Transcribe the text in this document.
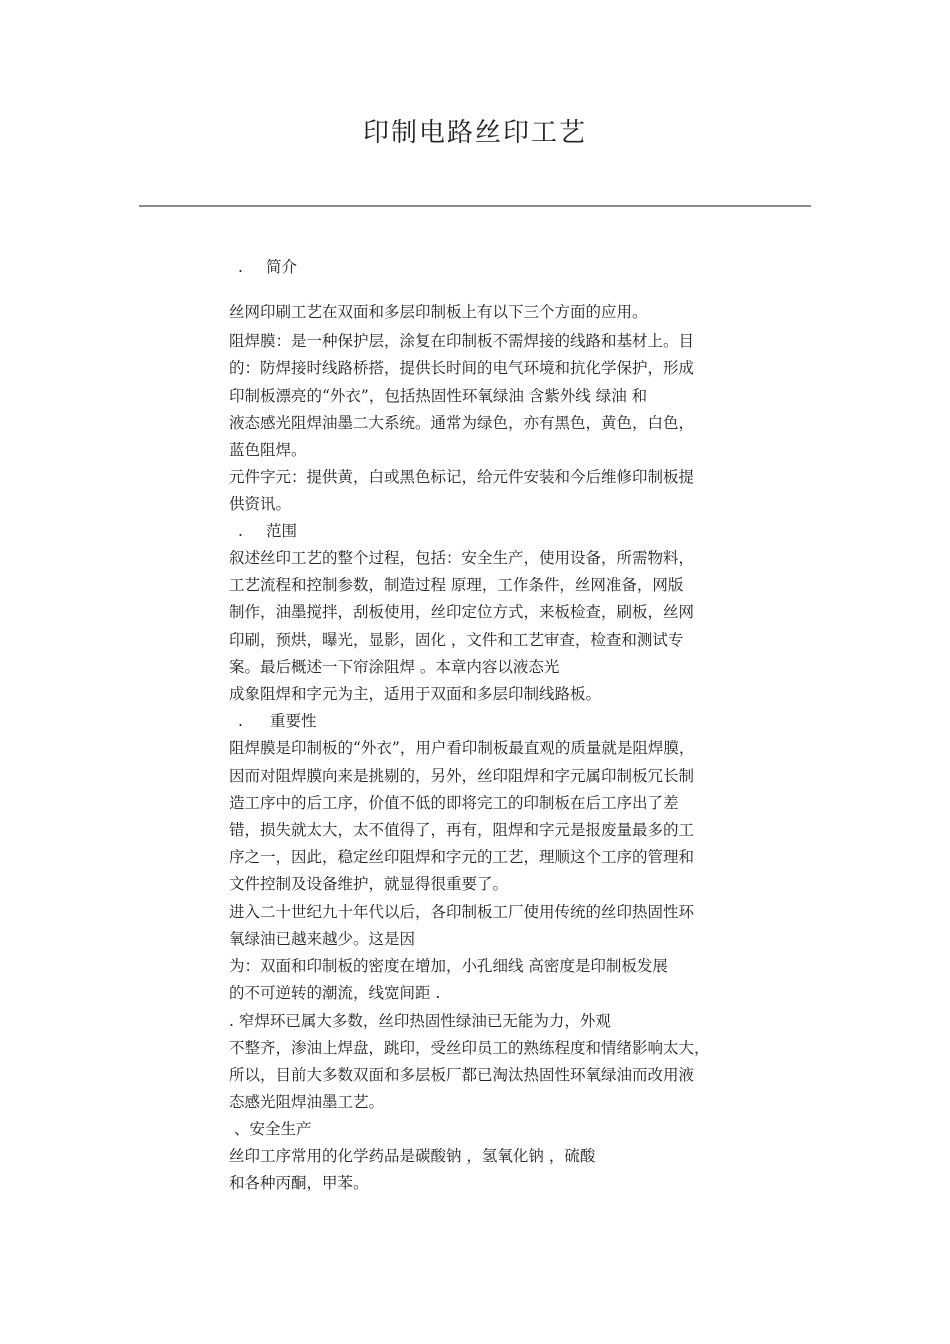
印制电路丝印工艺
. 简介
丝网印刷工艺在双面和多层印制板上有以下三个方面的应用。
阻焊膜：是一种保护层，涂复在印制板不需焊接的线路和基材上。目
的：防焊接时线路桥搭，提供长时间的电气环境和抗化学保护，形成
印制板漂亮的“外衣”，包括热固性环氧绿油 含紫外线 绿油 和
液态感光阻焊油墨二大系统。通常为绿色，亦有黑色，黄色，白色，
蓝色阻焊。
元件字元：提供黄，白或黑色标记，给元件安装和今后维修印制板提
供资讯。
. 范围
叙述丝印工艺的整个过程，包括：安全生产，使用设备，所需物料，
工艺流程和控制参数，制造过程 原理，工作条件，丝网准备，网版
制作，油墨搅拌，刮板使用，丝印定位方式，来板检查，刷板，丝网
印刷，预烘，曝光，显影，固化 ，文件和工艺审查，检查和测试专
案。最后概述一下帘涂阻焊 。本章内容以液态光
成象阻焊和字元为主，适用于双面和多层印制线路板。
. 重要性
阻焊膜是印制板的“外衣”，用户看印制板最直观的质量就是阻焊膜，
因而对阻焊膜向来是挑剔的，另外，丝印阻焊和字元属印制板冗长制
造工序中的后工序，价值不低的即将完工的印制板在后工序出了差
错，损失就太大，太不值得了，再有，阻焊和字元是报废量最多的工
序之一，因此，稳定丝印阻焊和字元的工艺，理顺这个工序的管理和
文件控制及设备维护，就显得很重要了。
进入二十世纪九十年代以后，各印制板工厂使用传统的丝印热固性环
氧绿油已越来越少。这是因
为：双面和印制板的密度在增加，小孔细线 高密度是印制板发展
的不可逆转的潮流，线宽间距 .
. 窄焊环已属大多数，丝印热固性绿油已无能为力，外观
不整齐，渗油上焊盘，跳印，受丝印员工的熟练程度和情绪影响太大，
所以，目前大多数双面和多层板厂都已淘汰热固性环氧绿油而改用液
态感光阻焊油墨工艺。
、安全生产
丝印工序常用的化学药品是碳酸钠 ，氢氧化钠 ，硫酸
和各种丙酮，甲苯。
